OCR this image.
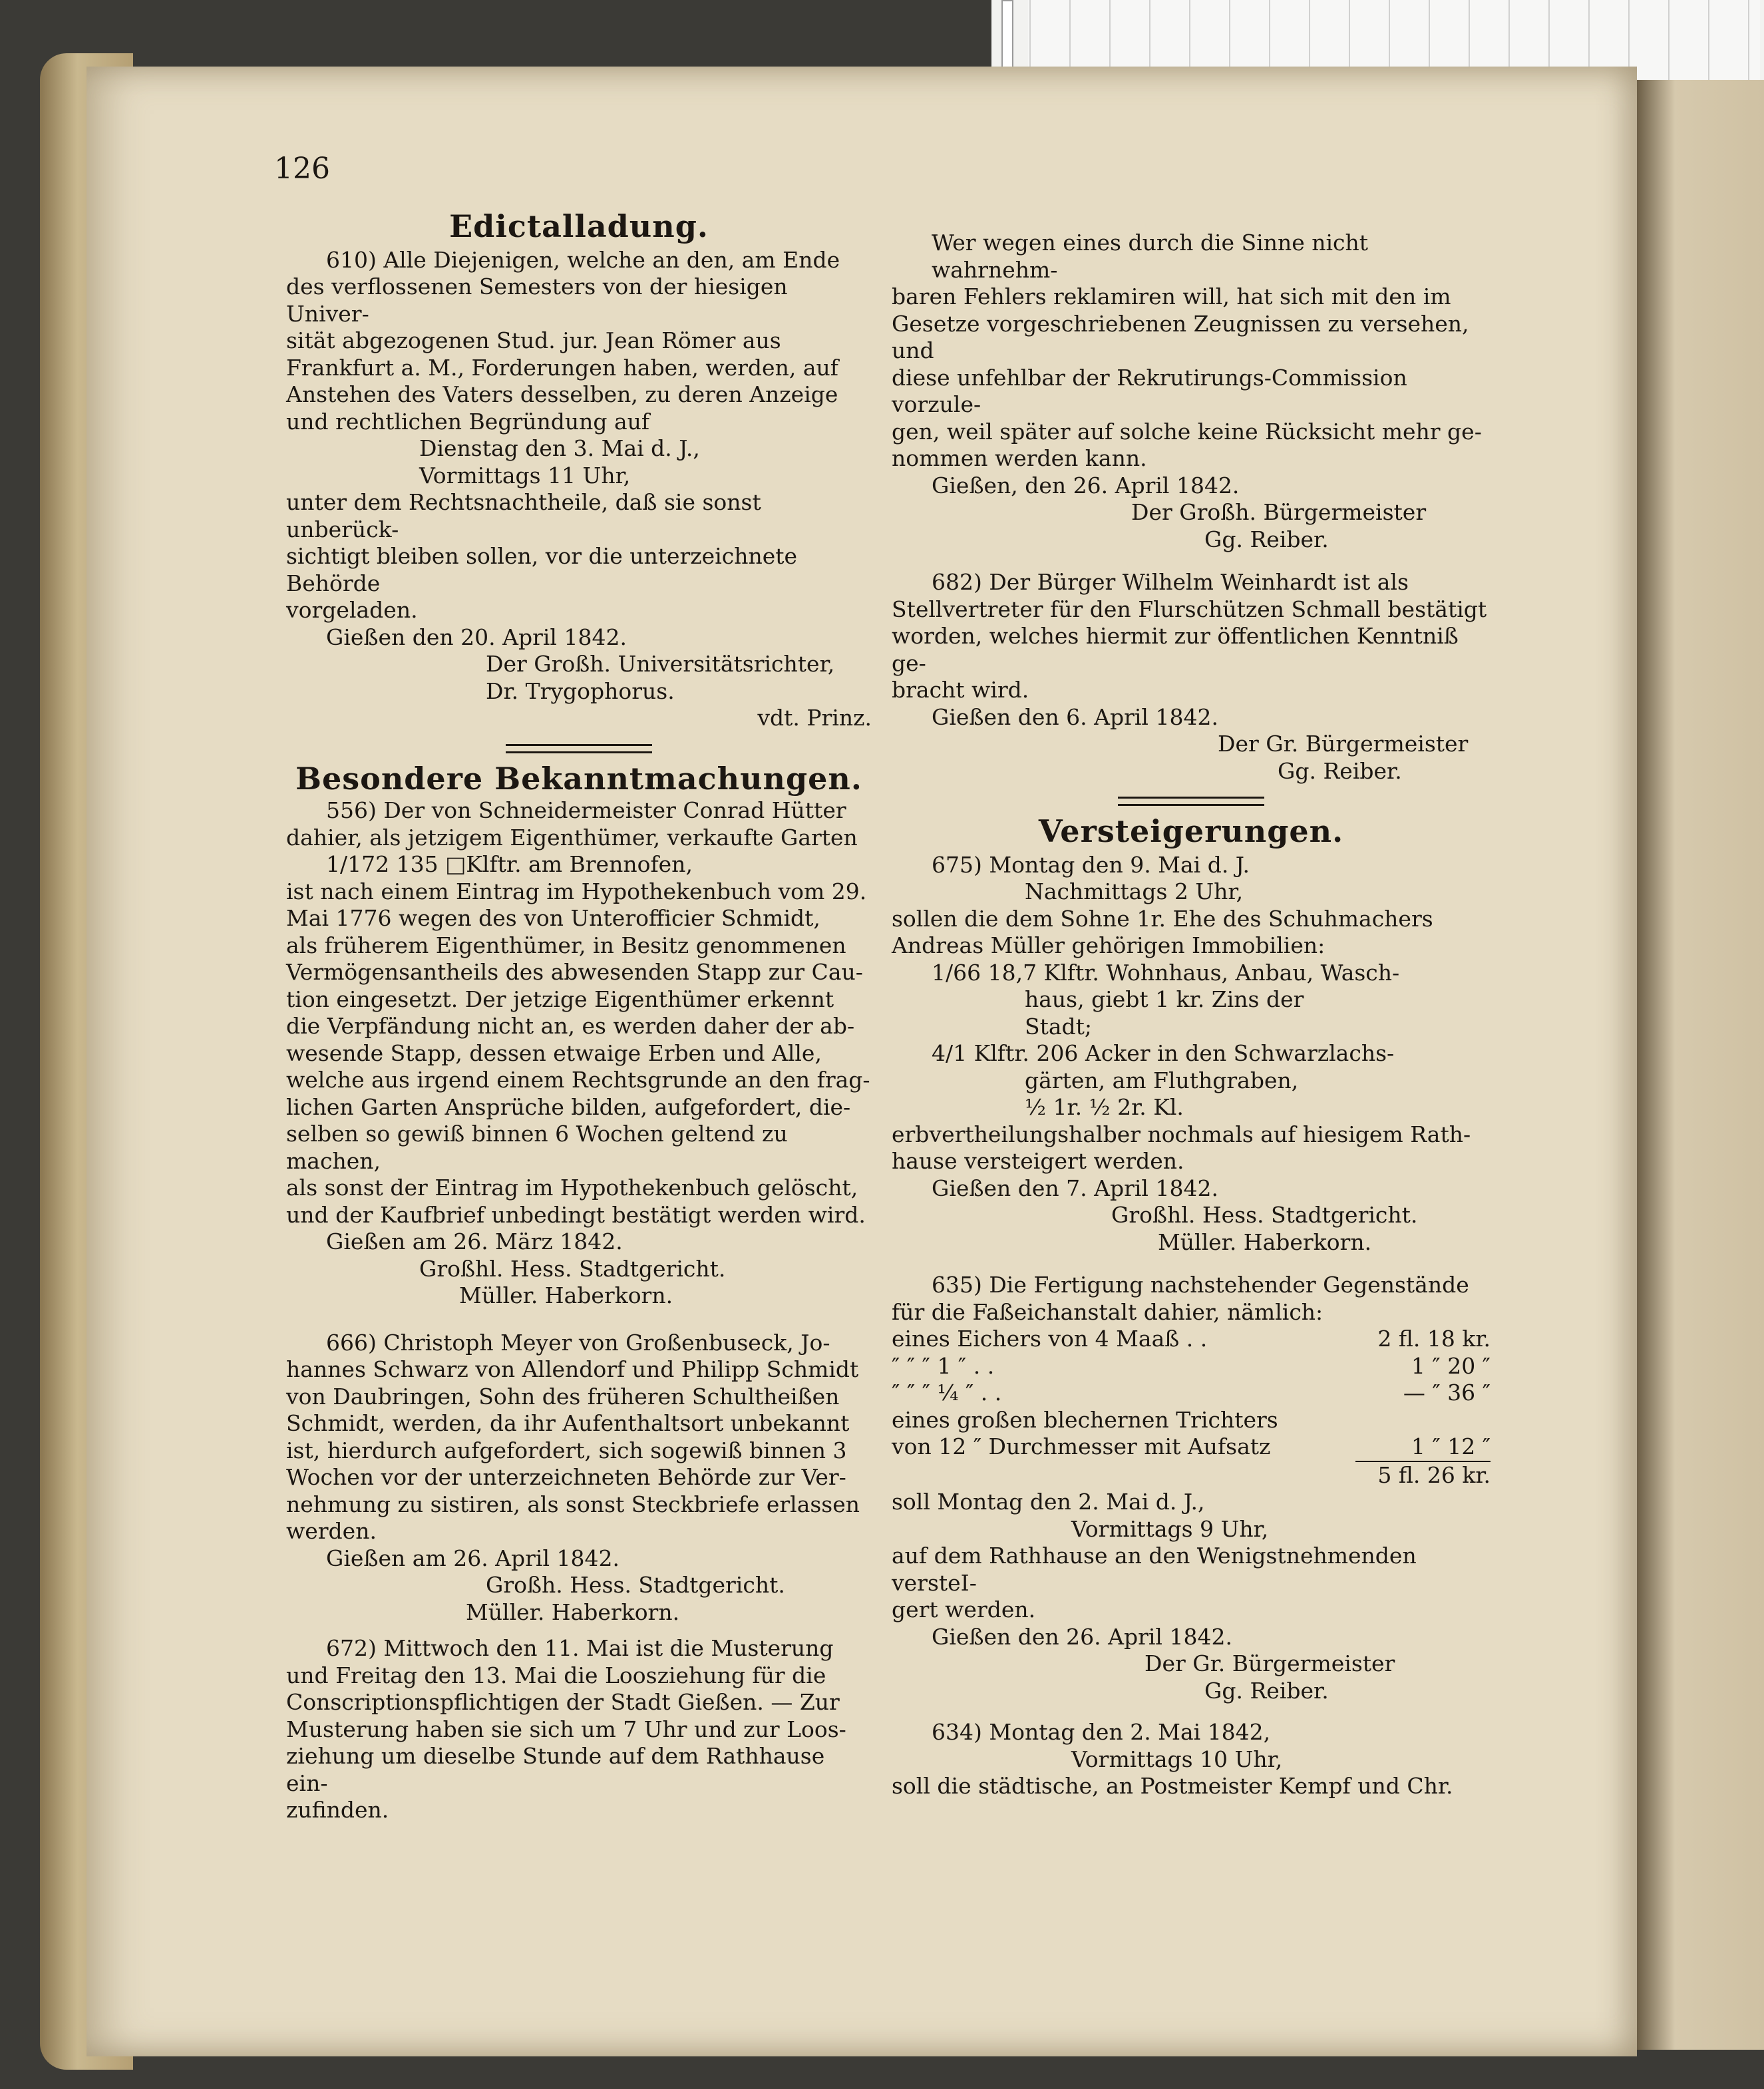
126

Edictalladung.

610) Alle Diejenigen, welche an den, am Ende

des verflossenen Semesters von der hiesigen Univer-

sität abgezogenen Stud. jur. Jean Römer aus

Frankfurt a. M., Forderungen haben, werden, auf

Anstehen des Vaters desselben, zu deren Anzeige

und rechtlichen Begründung auf

Dienstag den 3. Mai d. J.,

Vormittags 11 Uhr,

unter dem Rechtsnachtheile, daß sie sonst unberück-

sichtigt bleiben sollen, vor die unterzeichnete Behörde

vorgeladen.

Gießen den 20. April 1842.

Der Großh. Universitätsrichter,

Dr. Trygophorus.

vdt. Prinz.

Besondere Bekanntmachungen.

556) Der von Schneidermeister Conrad Hütter

dahier, als jetzigem Eigenthümer, verkaufte Garten

1/172 135 □Klftr. am Brennofen,

ist nach einem Eintrag im Hypothekenbuch vom 29.

Mai 1776 wegen des von Unterofficier Schmidt,

als früherem Eigenthümer, in Besitz genommenen

Vermögensantheils des abwesenden Stapp zur Cau-

tion eingesetzt. Der jetzige Eigenthümer erkennt

die Verpfändung nicht an, es werden daher der ab-

wesende Stapp, dessen etwaige Erben und Alle,

welche aus irgend einem Rechtsgrunde an den frag-

lichen Garten Ansprüche bilden, aufgefordert, die-

selben so gewiß binnen 6 Wochen geltend zu machen,

als sonst der Eintrag im Hypothekenbuch gelöscht,

und der Kaufbrief unbedingt bestätigt werden wird.

Gießen am 26. März 1842.

Großhl. Hess. Stadtgericht.

Müller. Haberkorn.

666) Christoph Meyer von Großenbuseck, Jo-

hannes Schwarz von Allendorf und Philipp Schmidt

von Daubringen, Sohn des früheren Schultheißen

Schmidt, werden, da ihr Aufenthaltsort unbekannt

ist, hierdurch aufgefordert, sich sogewiß binnen 3

Wochen vor der unterzeichneten Behörde zur Ver-

nehmung zu sistiren, als sonst Steckbriefe erlassen

werden.

Gießen am 26. April 1842.

Großh. Hess. Stadtgericht.

Müller. Haberkorn.

672) Mittwoch den 11. Mai ist die Musterung

und Freitag den 13. Mai die Loosziehung für die

Conscriptionspflichtigen der Stadt Gießen. — Zur

Musterung haben sie sich um 7 Uhr und zur Loos-

ziehung um dieselbe Stunde auf dem Rathhause ein-

zufinden.

Wer wegen eines durch die Sinne nicht wahrnehm-

baren Fehlers reklamiren will, hat sich mit den im

Gesetze vorgeschriebenen Zeugnissen zu versehen, und

diese unfehlbar der Rekrutirungs-Commission vorzule-

gen, weil später auf solche keine Rücksicht mehr ge-

nommen werden kann.

Gießen, den 26. April 1842.

Der Großh. Bürgermeister

Gg. Reiber.

682) Der Bürger Wilhelm Weinhardt ist als

Stellvertreter für den Flurschützen Schmall bestätigt

worden, welches hiermit zur öffentlichen Kenntniß ge-

bracht wird.

Gießen den 6. April 1842.

Der Gr. Bürgermeister

Gg. Reiber.

Versteigerungen.

675) Montag den 9. Mai d. J.

Nachmittags 2 Uhr,

sollen die dem Sohne 1r. Ehe des Schuhmachers

Andreas Müller gehörigen Immobilien:

1/66 18,7 Klftr. Wohnhaus, Anbau, Wasch-

haus, giebt 1 kr. Zins der

Stadt;

4/1 Klftr. 206 Acker in den Schwarzlachs-

gärten, am Fluthgraben,

½ 1r. ½ 2r. Kl.

erbvertheilungshalber nochmals auf hiesigem Rath-

hause versteigert werden.

Gießen den 7. April 1842.

Großhl. Hess. Stadtgericht.

Müller. Haberkorn.

635) Die Fertigung nachstehender Gegenstände

für die Faßeichanstalt dahier, nämlich:

eines Eichers von 4 Maaß . .	2 fl. 18 kr.
″ ″ ″ 1 ″ . .	1 ″ 20 ″
″ ″ ″ ¼ ″ . .	— ″ 36 ″
eines großen blechernen Trichters	
von 12 ″ Durchmesser mit Aufsatz	1 ″ 12 ″
	5 fl. 26 kr.

soll Montag den 2. Mai d. J.,

Vormittags 9 Uhr,

auf dem Rathhause an den Wenigstnehmenden versteI-

gert werden.

Gießen den 26. April 1842.

Der Gr. Bürgermeister

Gg. Reiber.

634) Montag den 2. Mai 1842,

Vormittags 10 Uhr,

soll die städtische, an Postmeister Kempf und Chr.
